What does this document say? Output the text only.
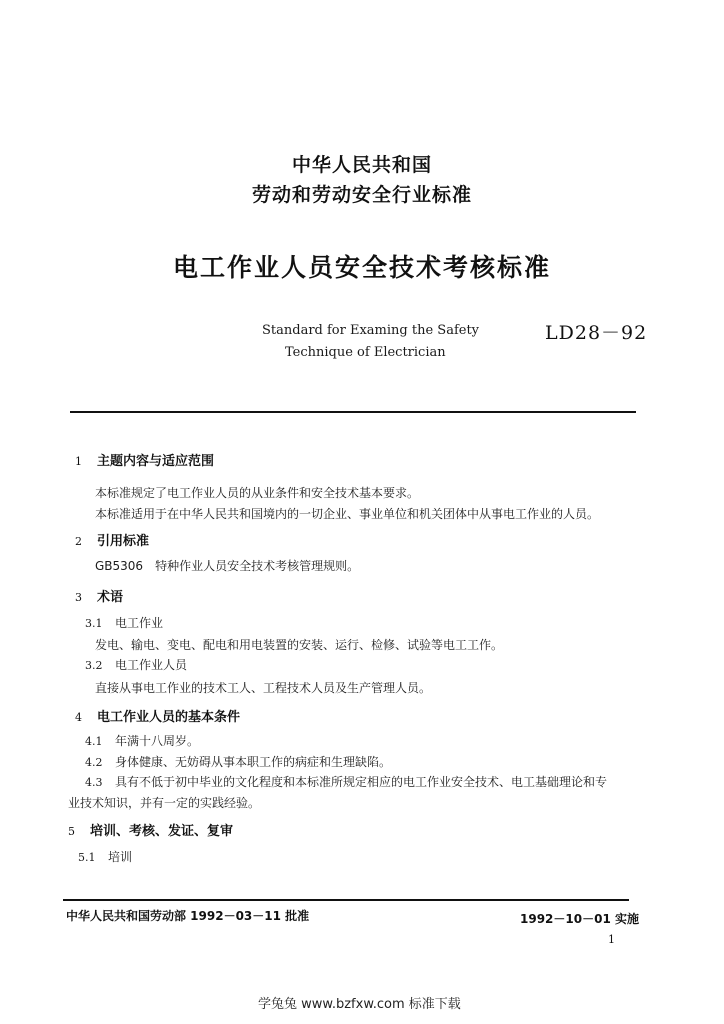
中华人民共和国
劳动和劳动安全行业标准
电工作业人员安全技术考核标准
Standard for Examing the Safety
Technique of Electrician
LD28－92
1 主题内容与适应范围
本标准规定了电工作业人员的从业条件和安全技术基本要求。
本标准适用于在中华人民共和国境内的一切企业、事业单位和机关团体中从事电工作业的人员。
2 引用标准
GB5306　特种作业人员安全技术考核管理规则。
3 术语
3.1 电工作业
发电、输电、变电、配电和用电装置的安装、运行、检修、试验等电工工作。
3.2 电工作业人员
直接从事电工作业的技术工人、工程技术人员及生产管理人员。
4 电工作业人员的基本条件
4.1 年满十八周岁。
4.2 身体健康、无妨碍从事本职工作的病症和生理缺陷。
4.3 具有不低于初中毕业的文化程度和本标准所规定相应的电工作业安全技术、电工基础理论和专
业技术知识，并有一定的实践经验。
5 培训、考核、发证、复审
5.1 培训
中华人民共和国劳动部 1992－03－11 批准	1992－10－01 实施
1
学兔兔 www.bzfxw.com 标准下载
